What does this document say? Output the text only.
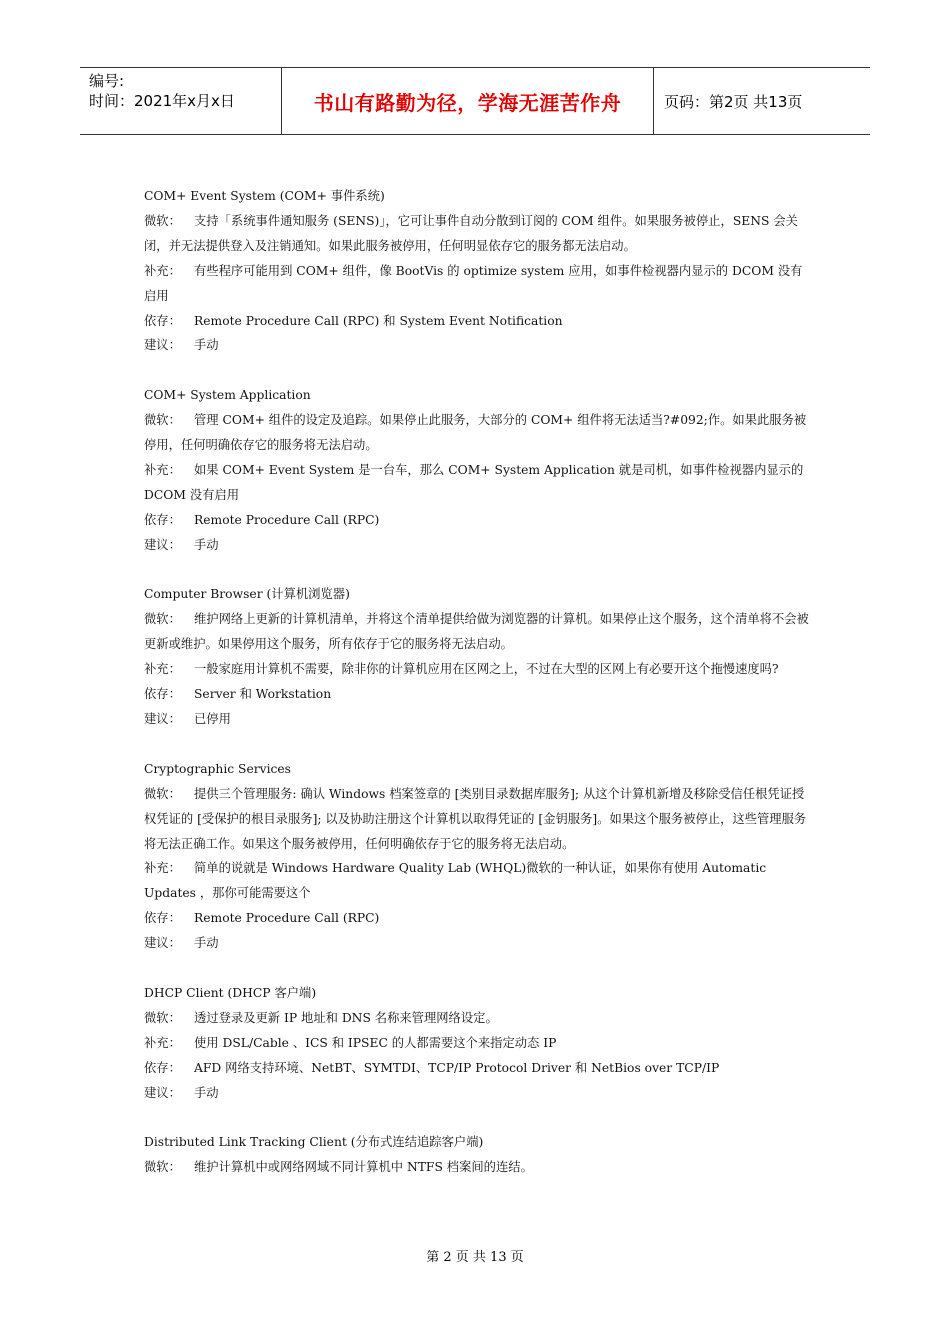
编号:
时间：2021年x月x日	书山有路勤为径，学海无涯苦作舟	页码：第2页 共13页
COM+ Event System (COM+ 事件系统)
微软： 支持「系统事件通知服务 (SENS)」，它可让事件自动分散到订阅的 COM 组件。如果服务被停止，SENS 会关闭，并无法提供登入及注销通知。如果此服务被停用，任何明显依存它的服务都无法启动。
补充： 有些程序可能用到 COM+ 组件，像 BootVis 的 optimize system 应用，如事件检视器内显示的 DCOM 没有启用
依存： Remote Procedure Call (RPC) 和 System Event Notification
建议： 手动
COM+ System Application
微软： 管理 COM+ 组件的设定及追踪。如果停止此服务，大部分的 COM+ 组件将无法适当?#092;作。如果此服务被停用，任何明确依存它的服务将无法启动。
补充： 如果 COM+ Event System 是一台车，那么 COM+ System Application 就是司机，如事件检视器内显示的 DCOM 没有启用
依存： Remote Procedure Call (RPC)
建议： 手动
Computer Browser (计算机浏览器)
微软： 维护网络上更新的计算机清单，并将这个清单提供给做为浏览器的计算机。如果停止这个服务，这个清单将不会被更新或维护。如果停用这个服务，所有依存于它的服务将无法启动。
补充： 一般家庭用计算机不需要，除非你的计算机应用在区网之上，不过在大型的区网上有必要开这个拖慢速度吗?
依存： Server 和 Workstation
建议： 已停用
Cryptographic Services
微软： 提供三个管理服务: 确认 Windows 档案签章的 [类别目录数据库服务]; 从这个计算机新增及移除受信任根凭证授权凭证的 [受保护的根目录服务]; 以及协助注册这个计算机以取得凭证的 [金钥服务]。如果这个服务被停止，这些管理服务将无法正确工作。如果这个服务被停用，任何明确依存于它的服务将无法启动。
补充： 简单的说就是 Windows Hardware Quality Lab (WHQL)微软的一种认证，如果你有使用 Automatic Updates ，那你可能需要这个
依存： Remote Procedure Call (RPC)
建议： 手动
DHCP Client (DHCP 客户端)
微软： 透过登录及更新 IP 地址和 DNS 名称来管理网络设定。
补充： 使用 DSL/Cable 、ICS 和 IPSEC 的人都需要这个来指定动态 IP
依存： AFD 网络支持环境、NetBT、SYMTDI、TCP/IP Protocol Driver 和 NetBios over TCP/IP
建议： 手动
Distributed Link Tracking Client (分布式连结追踪客户端)
微软： 维护计算机中或网络网域不同计算机中 NTFS 档案间的连结。
第 2 页 共 13 页
